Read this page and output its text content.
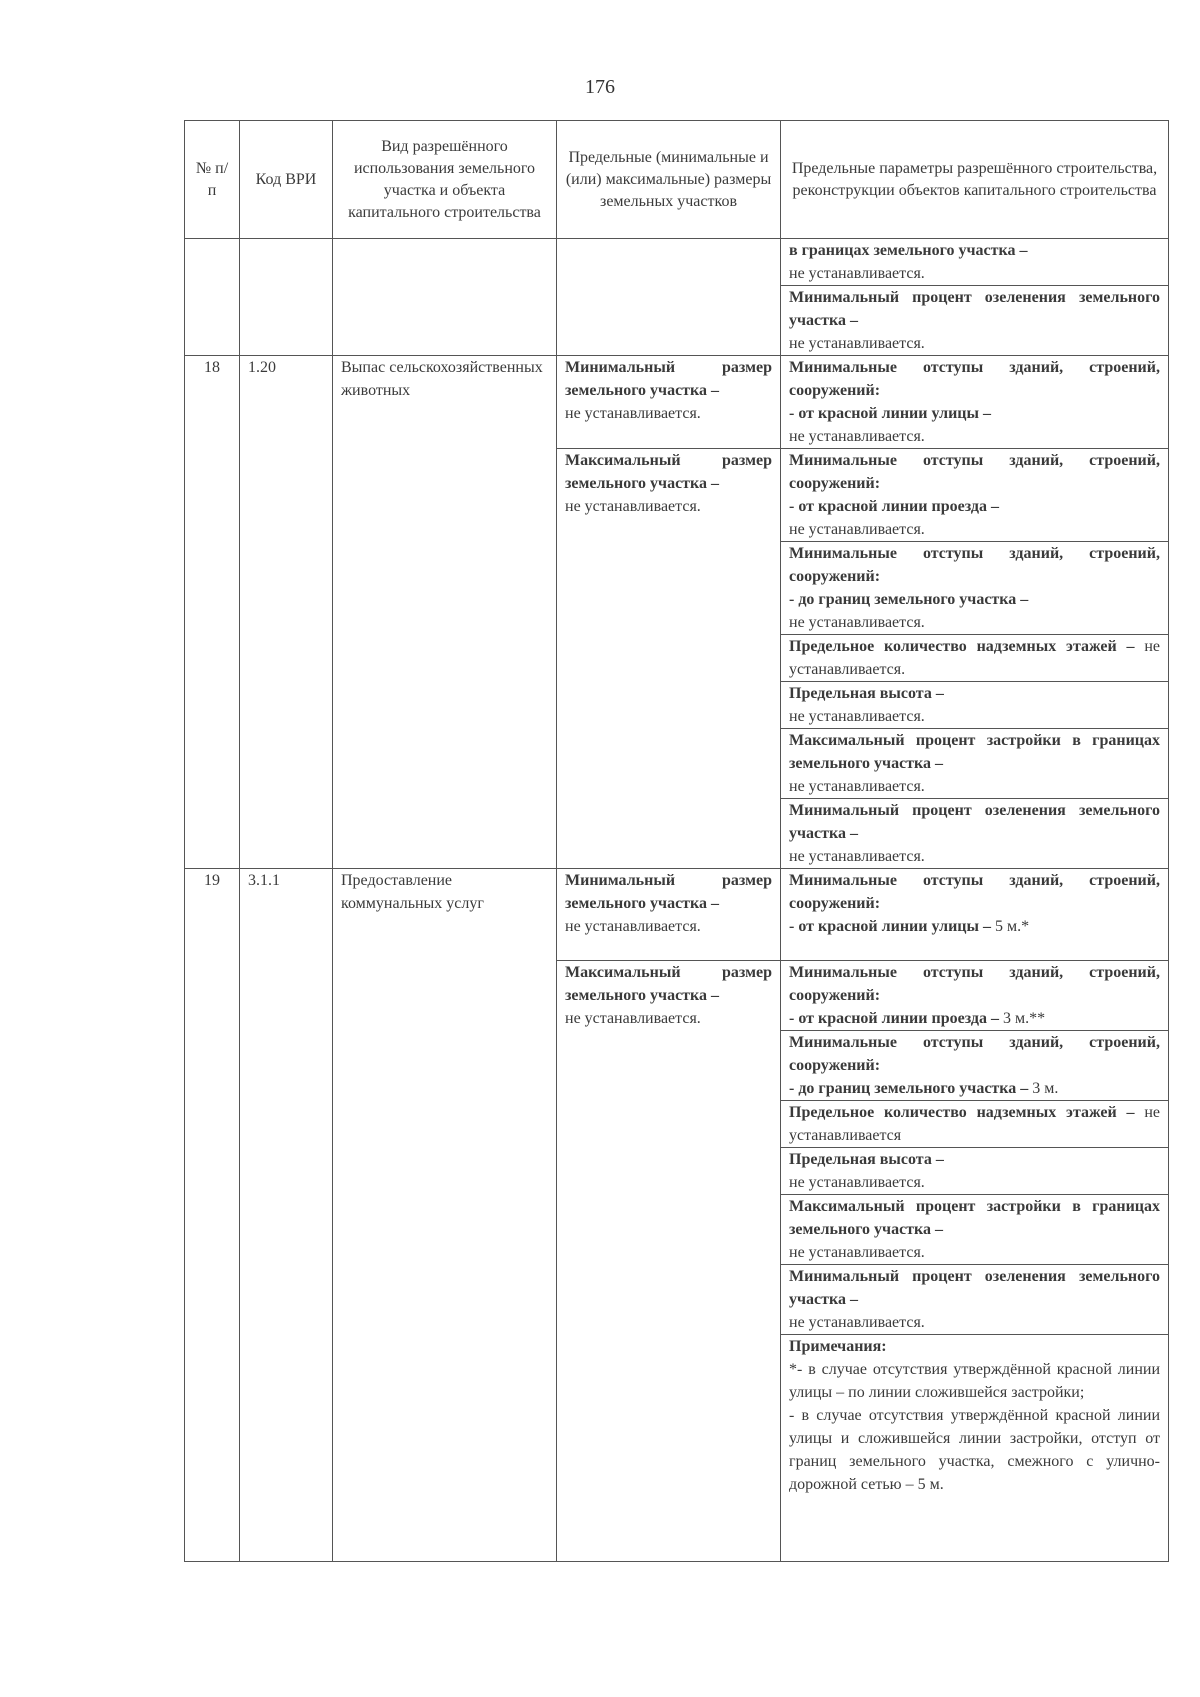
176
№ п/п	Код ВРИ	Вид разрешённого использования земельного участка и объекта капитального строительства	Предельные (минимальные и (или) максимальные) размеры земельных участков	Предельные параметры разрешённого строительства, реконструкции объектов капитального строительства
				в границах земельного участка –
не устанавливается.
				Минимальный процент озеленения земельного участка –
не устанавливается.
18	1.20	Выпас сельскохозяйственных животных	Минимальный размер земельного участка –
не устанавливается.	Минимальные отступы зданий, строений, сооружений:
- от красной линии улицы –
не устанавливается.
			Максимальный размер земельного участка –
не устанавливается.	Минимальные отступы зданий, строений, сооружений:
- от красной линии проезда –
не устанавливается.
				Минимальные отступы зданий, строений, сооружений:
- до границ земельного участка –
не устанавливается.
				Предельное количество надземных этажей – не устанавливается.
				Предельная высота –
не устанавливается.
				Максимальный процент застройки в границах земельного участка –
не устанавливается.
				Минимальный процент озеленения земельного участка –
не устанавливается.
19	3.1.1	Предоставление коммунальных услуг	Минимальный размер земельного участка –
не устанавливается.	Минимальные отступы зданий, строений, сооружений:
- от красной линии улицы – 5 м.*
			Максимальный размер земельного участка –
не устанавливается.	Минимальные отступы зданий, строений, сооружений:
- от красной линии проезда – 3 м.**
				Минимальные отступы зданий, строений, сооружений:
- до границ земельного участка – 3 м.
				Предельное количество надземных этажей – не устанавливается
				Предельная высота –
не устанавливается.
				Максимальный процент застройки в границах земельного участка –
не устанавливается.
				Минимальный процент озеленения земельного участка –
не устанавливается.

				Примечания:
*- в случае отсутствия утверждённой красной линии улицы – по линии сложившейся застройки;
- в случае отсутствия утверждённой красной линии улицы и сложившейся линии застройки, отступ от границ земельного участка, смежного с улично-дорожной сетью – 5 м.
